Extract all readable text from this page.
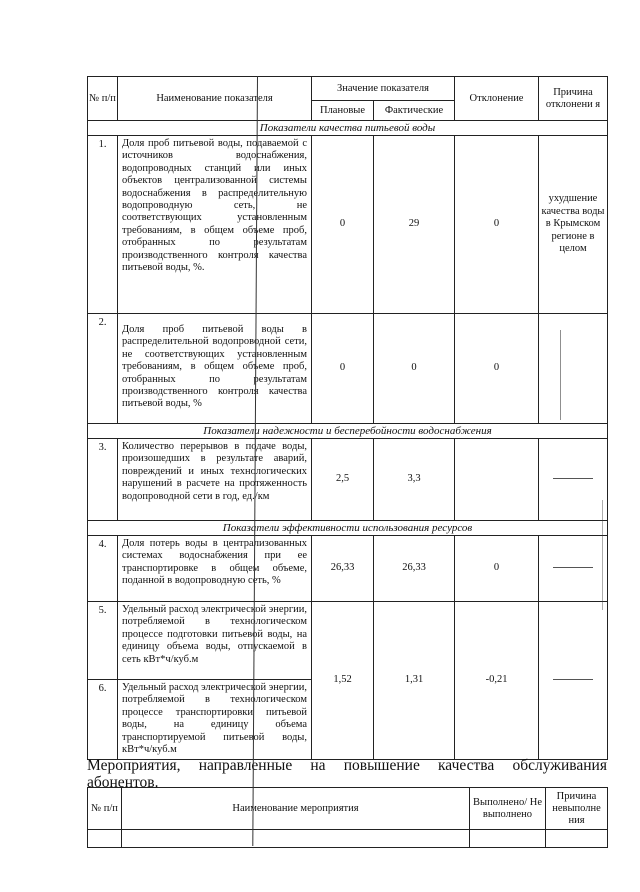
№ п/п	Наименование показателя	Значение показателя		Отклонение	Причина отклонени я
		Плановые	Фактические		
Показатели качества питьевой воды					
1.	Доля проб питьевой воды, подаваемой с источников водоснабжения, водопроводных станций или иных объектов централизованной системы водоснабжения в распределительную водопроводную сеть, не соответствующих установленным требованиям, в общем объеме проб, отобранных по результатам производственного контроля качества питьевой воды, %.	0	29	0	ухудшение качества воды в Крымском регионе в целом
2.	Доля проб питьевой воды в распределительной водопроводной сети, не соответствующих установленным требованиям, в общем объеме проб, отобранных по результатам производственного контроля качества питьевой воды, %	0	0	0	
Показатели надежности и бесперебойности водоснабжения					
3.	Количество перерывов в подаче воды, произошедших в результате аварий, повреждений и иных технологических нарушений в расчете на протяженность водопроводной сети в год, ед./км	2,5	3,3		
Показатели эффективности использования ресурсов					
4.	Доля потерь воды в централизованных системах водоснабжения при ее транспортировке в общем объеме, поданной в водопроводную сеть, %	26,33	26,33	0	
5.	Удельный расход электрической энергии, потребляемой в технологическом процессе подготовки питьевой воды, на единицу объема воды, отпускаемой в сеть кВт*ч/куб.м	1,52	1,31	-0,21	
6.	Удельный расход электрической энергии, потребляемой в технологическом процессе транспортировки питьевой воды, на единицу объема транспортируемой питьевой воды, кВт*ч/куб.м				
Мероприятия, направленные на повышение качества обслуживания
абонентов.
№ п/п	Наименование мероприятия	Выполнено/ Не выполнено	Причина невыполне ния
